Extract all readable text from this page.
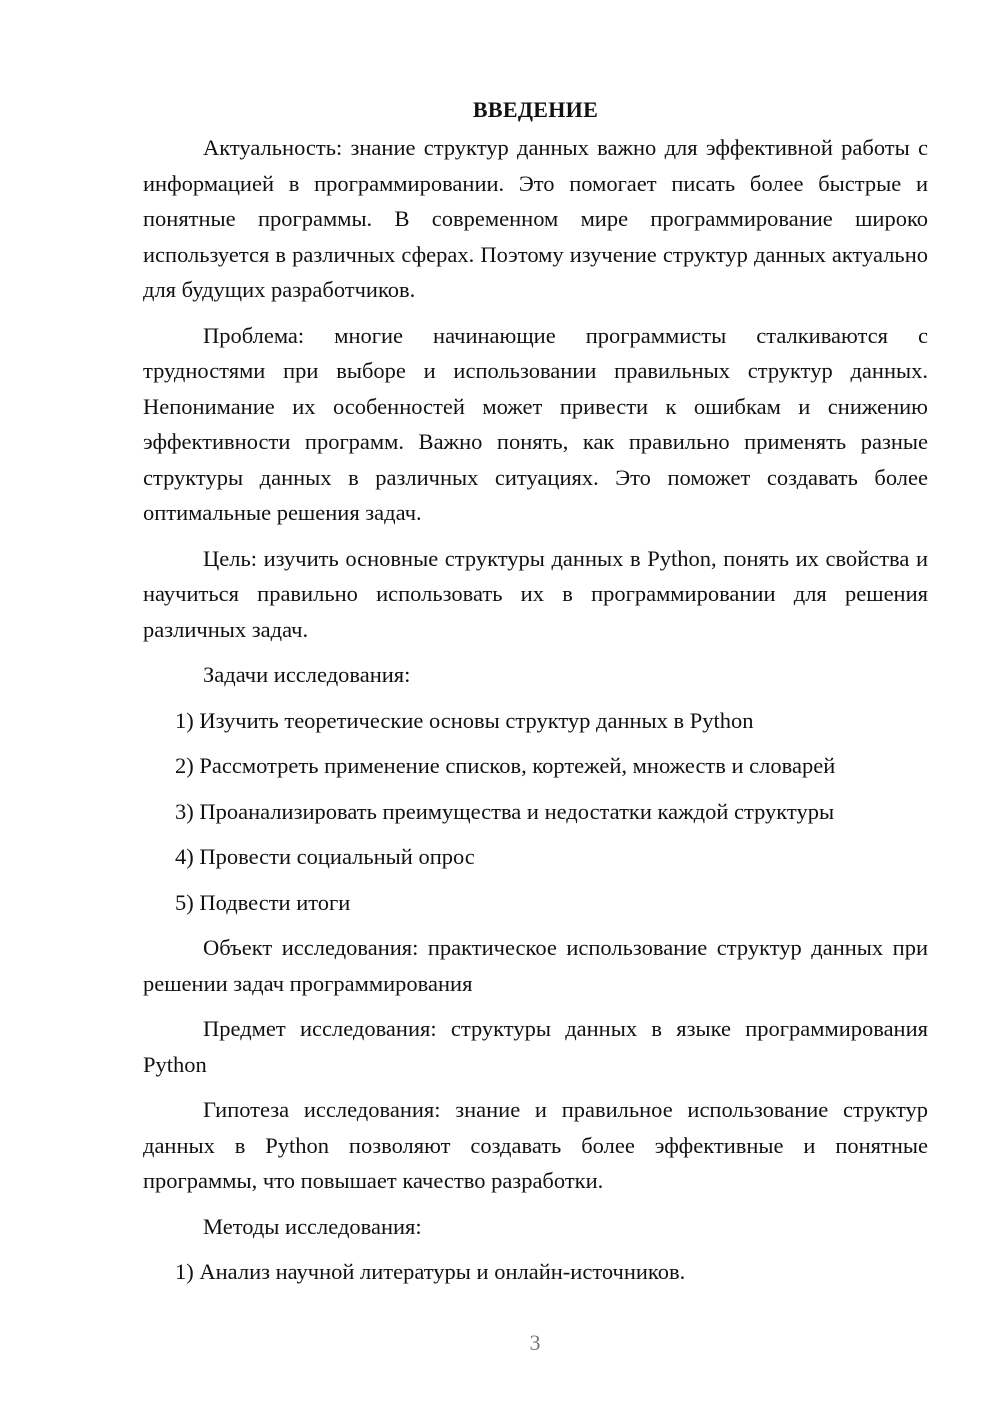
ВВЕДЕНИЕ

Актуальность: знание структур данных важно для эффективной работы с информацией в программировании. Это помогает писать более быстрые и понятные программы. В современном мире программирование широко используется в различных сферах. Поэтому изучение структур данных актуально для будущих разработчиков.

Проблема: многие начинающие программисты сталкиваются с трудностями при выборе и использовании правильных структур данных. Непонимание их особенностей может привести к ошибкам и снижению эффективности программ. Важно понять, как правильно применять разные структуры данных в различных ситуациях. Это поможет создавать более оптимальные решения задач.

Цель: изучить основные структуры данных в Python, понять их свойства и научиться правильно использовать их в программировании для решения различных задач.

Задачи исследования:

1) Изучить теоретические основы структур данных в Python
2) Рассмотреть применение списков, кортежей, множеств и словарей
3) Проанализировать преимущества и недостатки каждой структуры
4) Провести социальный опрос
5) Подвести итоги

Объект исследования: практическое использование структур данных при решении задач программирования

Предмет исследования: структуры данных в языке программирования Python

Гипотеза исследования: знание и правильное использование структур данных в Python позволяют создавать более эффективные и понятные программы, что повышает качество разработки.

Методы исследования:

1) Анализ научной литературы и онлайн-источников.
3
